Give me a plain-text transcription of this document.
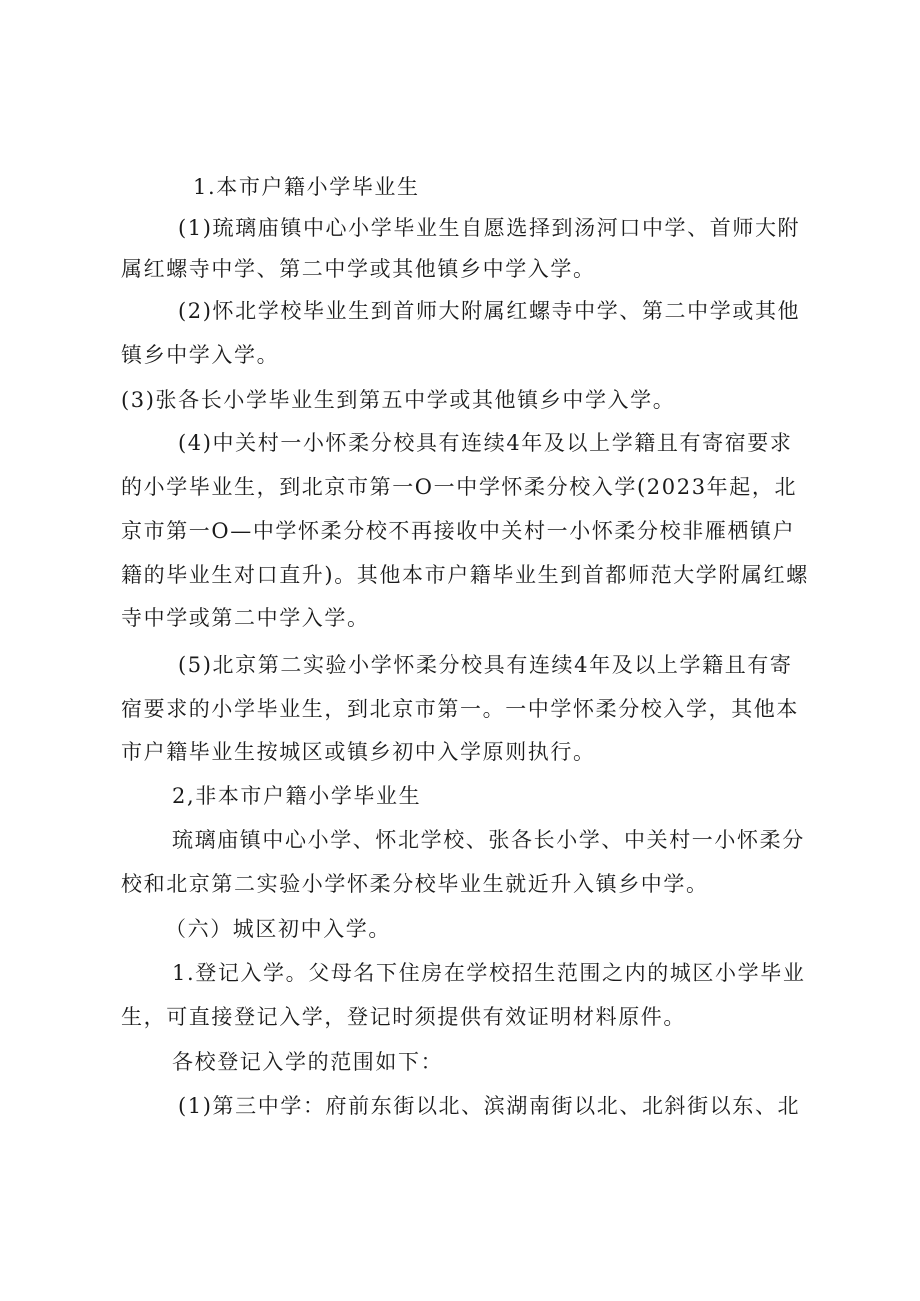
1.本市户籍小学毕业生
(1)琉璃庙镇中心小学毕业生自愿选择到汤河口中学、首师大附
属红螺寺中学、第二中学或其他镇乡中学入学。
(2)怀北学校毕业生到首师大附属红螺寺中学、第二中学或其他
镇乡中学入学。
(3)张各长小学毕业生到第五中学或其他镇乡中学入学。
(4)中关村一小怀柔分校具有连续4年及以上学籍且有寄宿要求
的小学毕业生，到北京市第一O一中学怀柔分校入学(2023年起，北
京市第一O—中学怀柔分校不再接收中关村一小怀柔分校非雁栖镇户
籍的毕业生对口直升)。其他本市户籍毕业生到首都师范大学附属红螺
寺中学或第二中学入学。
(5)北京第二实验小学怀柔分校具有连续4年及以上学籍且有寄
宿要求的小学毕业生，到北京市第一。一中学怀柔分校入学，其他本
市户籍毕业生按城区或镇乡初中入学原则执行。
2,非本市户籍小学毕业生
琉璃庙镇中心小学、怀北学校、张各长小学、中关村一小怀柔分
校和北京第二实验小学怀柔分校毕业生就近升入镇乡中学。
（六）城区初中入学。
1.登记入学。父母名下住房在学校招生范围之内的城区小学毕业
生，可直接登记入学，登记时须提供有效证明材料原件。
各校登记入学的范围如下：
(1)第三中学：府前东街以北、滨湖南街以北、北斜街以东、北
